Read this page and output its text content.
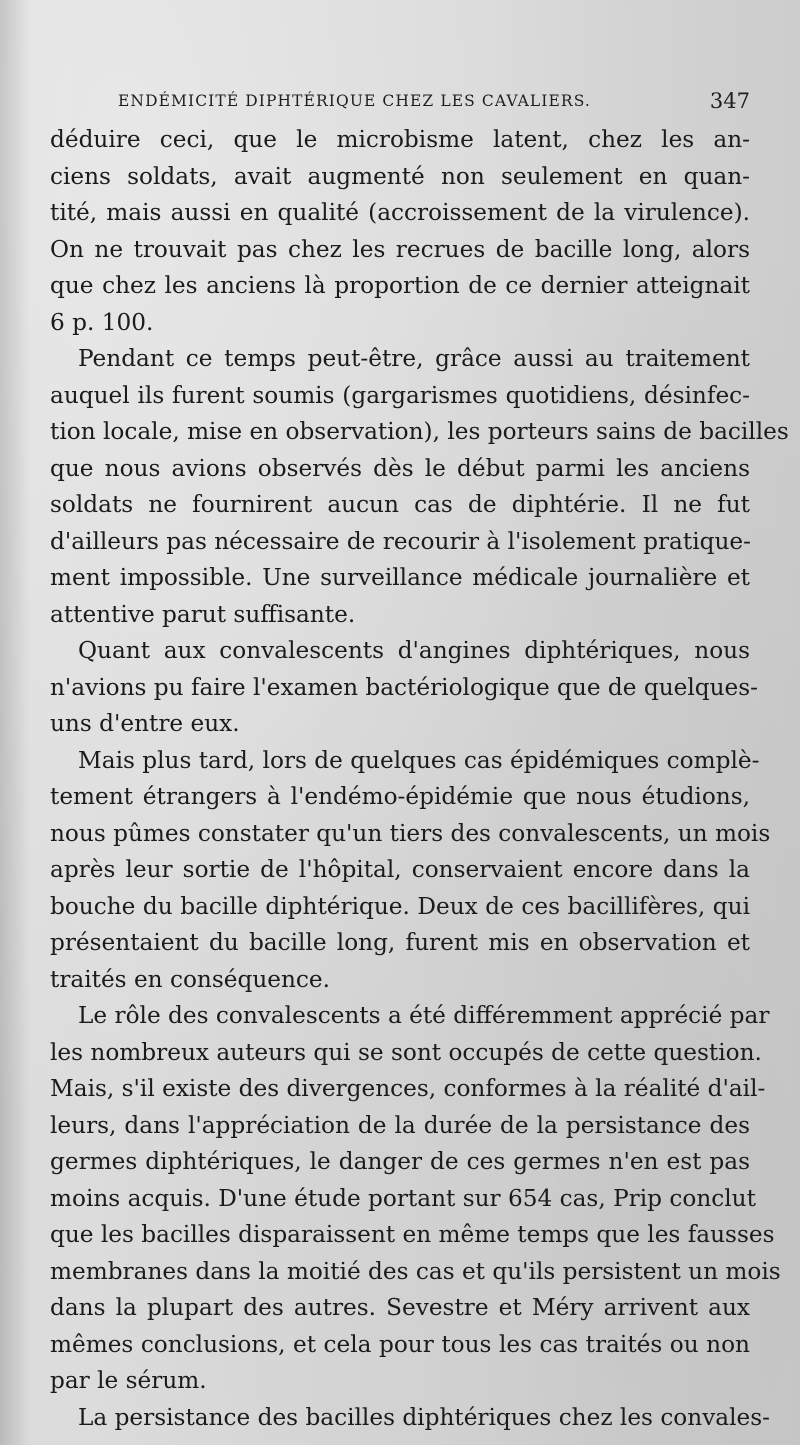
ENDÉMICITÉ DIPHTÉRIQUE CHEZ LES CAVALIERS.	347
déduire ceci, que le microbisme latent, chez les an-
ciens soldats, avait augmenté non seulement en quan-
tité, mais aussi en qualité (accroissement de la virulence).
On ne trouvait pas chez les recrues de bacille long, alors
que chez les anciens là proportion de ce dernier atteignait
6 p. 100.
Pendant ce temps peut-être, grâce aussi au traitement
auquel ils furent soumis (gargarismes quotidiens, désinfec-
tion locale, mise en observation), les porteurs sains de bacilles
que nous avions observés dès le début parmi les anciens
soldats ne fournirent aucun cas de diphtérie. Il ne fut
d'ailleurs pas nécessaire de recourir à l'isolement pratique-
ment impossible. Une surveillance médicale journalière et
attentive parut suffisante.
Quant aux convalescents d'angines diphtériques, nous
n'avions pu faire l'examen bactériologique que de quelques-
uns d'entre eux.
Mais plus tard, lors de quelques cas épidémiques complè-
tement étrangers à l'endémo-épidémie que nous étudions,
nous pûmes constater qu'un tiers des convalescents, un mois
après leur sortie de l'hôpital, conservaient encore dans la
bouche du bacille diphtérique. Deux de ces bacillifères, qui
présentaient du bacille long, furent mis en observation et
traités en conséquence.
Le rôle des convalescents a été différemment apprécié par
les nombreux auteurs qui se sont occupés de cette question.
Mais, s'il existe des divergences, conformes à la réalité d'ail-
leurs, dans l'appréciation de la durée de la persistance des
germes diphtériques, le danger de ces germes n'en est pas
moins acquis. D'une étude portant sur 654 cas, Prip conclut
que les bacilles disparaissent en même temps que les fausses
membranes dans la moitié des cas et qu'ils persistent un mois
dans la plupart des autres. Sevestre et Méry arrivent aux
mêmes conclusions, et cela pour tous les cas traités ou non
par le sérum.
La persistance des bacilles diphtériques chez les convales-
